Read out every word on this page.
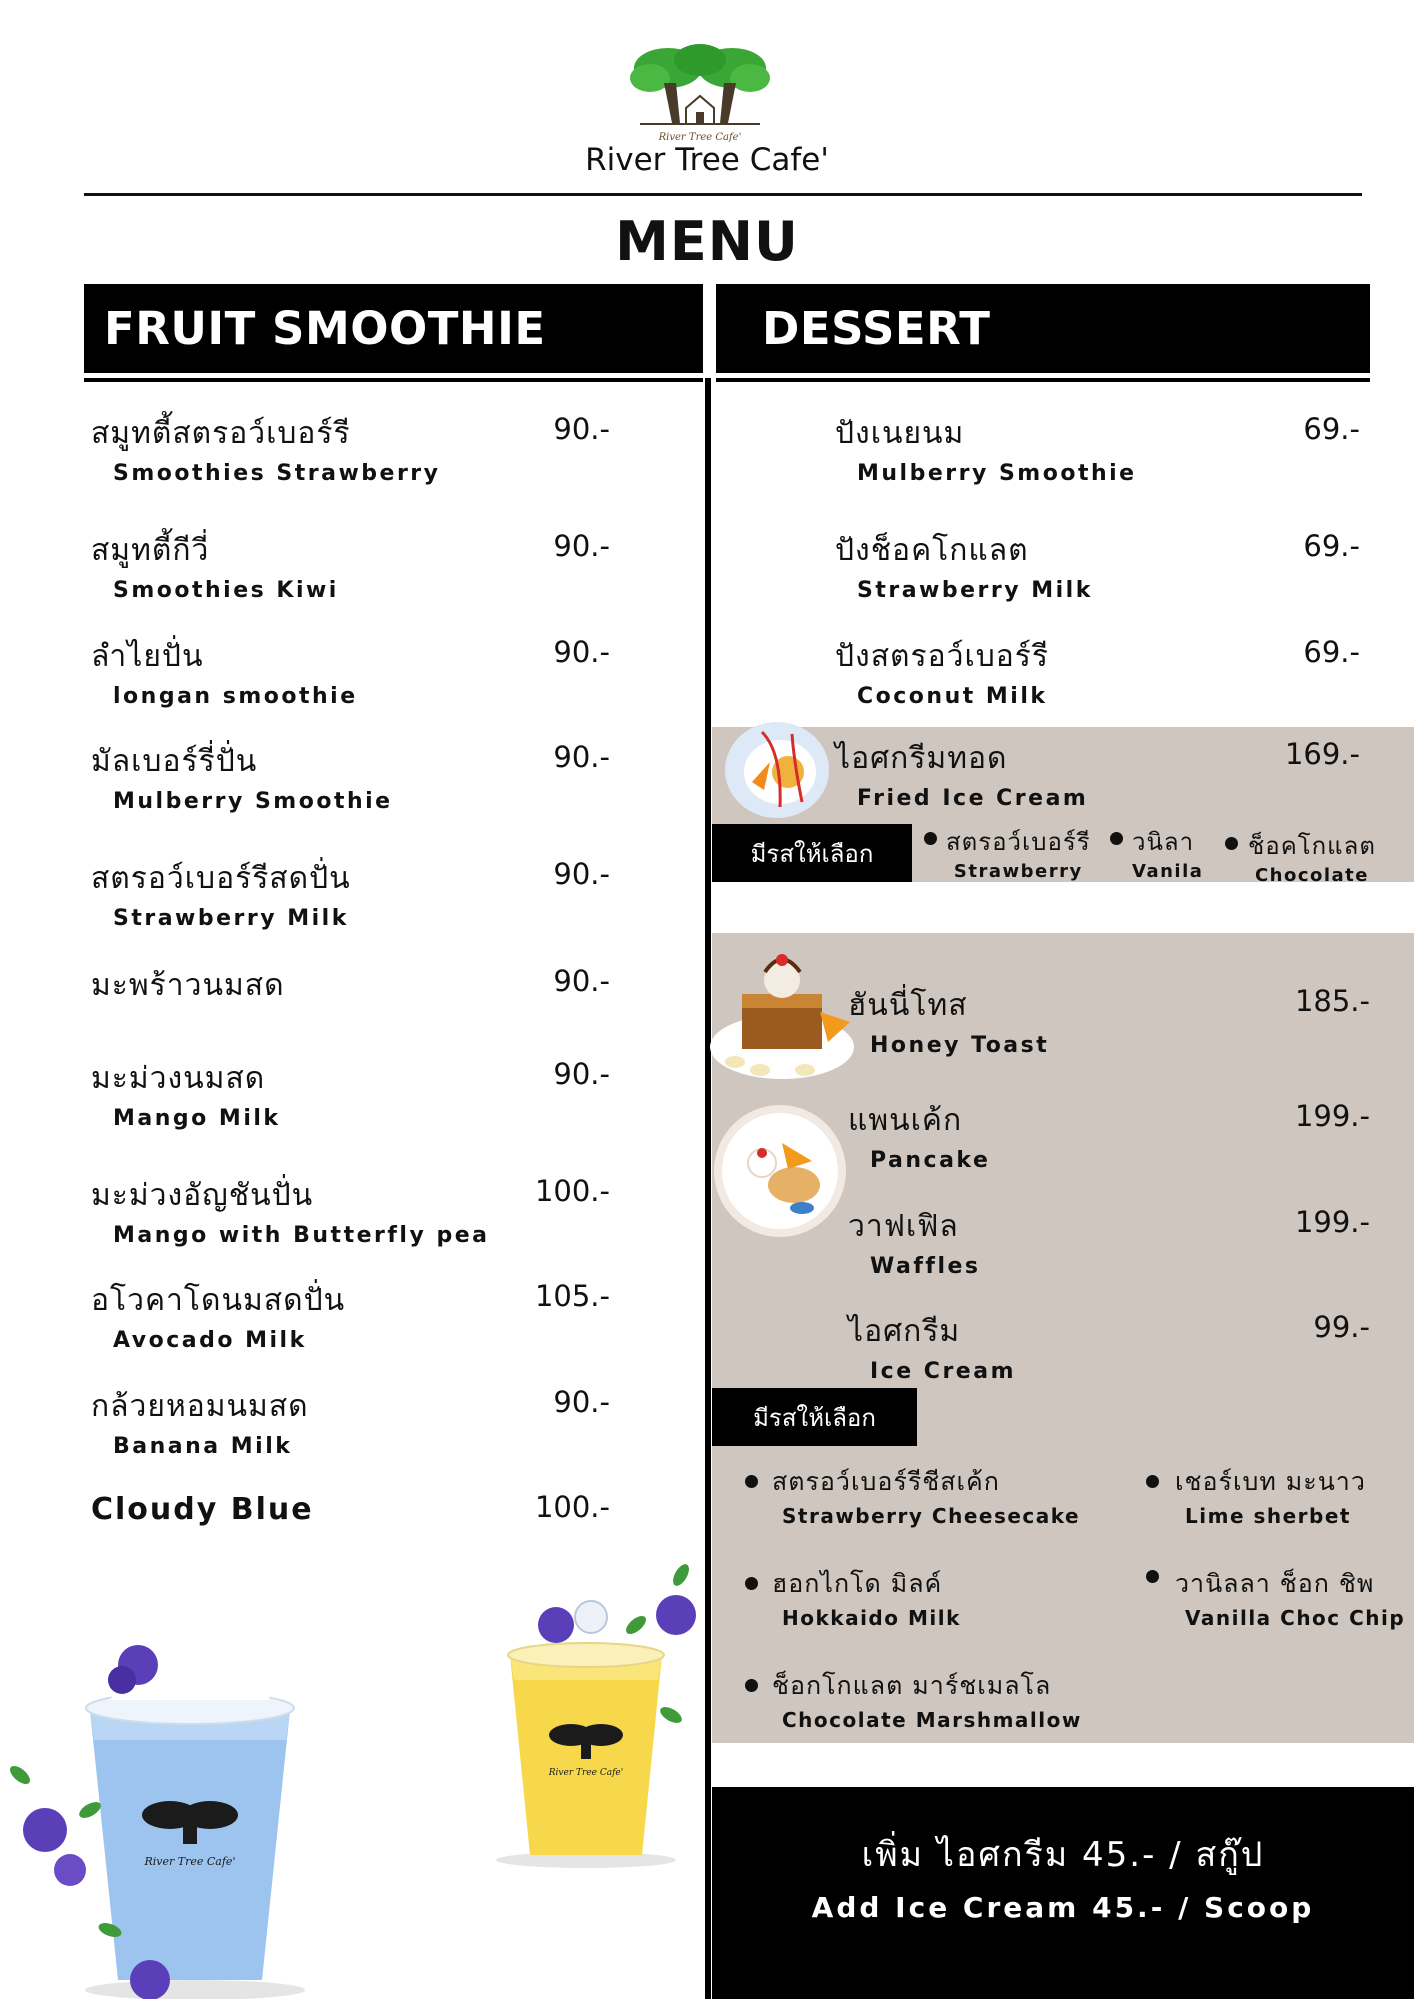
River Tree Cafe'
River Tree Cafe'
MENU
FRUIT SMOOTHIE	DESSERT
สมูทตี้สตรอว์เบอร์รี
Smoothies Strawberry
90.-
สมูทตี้กีวี่
Smoothies Kiwi
90.-
ลำไยปั่น
longan smoothie
90.-
มัลเบอร์รี่ปั่น
Mulberry Smoothie
90.-
สตรอว์เบอร์รีสดปั่น
Strawberry Milk
90.-
มะพร้าวนมสด	90.-
มะม่วงนมสด
Mango Milk
90.-
มะม่วงอัญชันปั่น
Mango with Butterfly pea
100.-
อโวคาโดนมสดปั่น
Avocado Milk
105.-
กล้วยหอมนมสด
Banana Milk
90.-
Cloudy Blue	100.-
River Tree Cafe'
River Tree Cafe'
ปังเนยนม
Mulberry Smoothie
69.-
ปังช็อคโกแลต
Strawberry Milk
69.-
ปังสตรอว์เบอร์รี
Coconut Milk
69.-
ไอศกรีมทอด
Fried Ice Cream
169.-
มีรสให้เลือก	สตรอว์เบอร์รี
Strawberry
วนิลา
Vanila
ช็อคโกแลต
Chocolate
ฮันนี่โทส
Honey Toast
185.-
แพนเค้ก
Pancake
199.-
วาฟเฟิล
Waffles
199.-
ไอศกรีม
Ice Cream
99.-
มีรสให้เลือก
สตรอว์เบอร์รีชีสเค้ก
Strawberry Cheesecake
เชอร์เบท มะนาว
Lime sherbet
ฮอกไกโด มิลค์
Hokkaido Milk
วานิลลา ช็อก ชิพ
Vanilla Choc Chip
ช็อกโกแลต มาร์ชเมลโล
Chocolate Marshmallow
เพิ่ม ไอศกรีม 45.- / สกู๊ป
Add Ice Cream 45.- / Scoop
